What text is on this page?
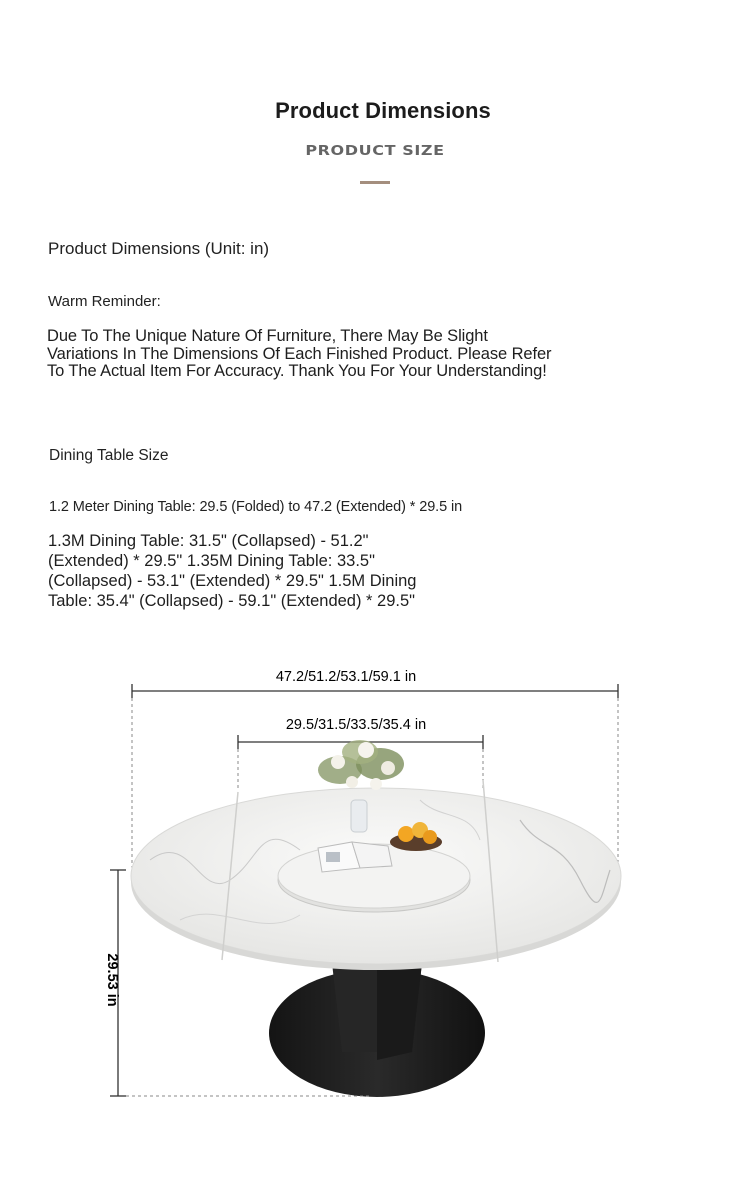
Product Dimensions
PRODUCT SIZE
Product Dimensions (Unit: in)
Warm Reminder:
Due To The Unique Nature Of Furniture, There May Be Slight
Variations In The Dimensions Of Each Finished Product. Please Refer
To The Actual Item For Accuracy. Thank You For Your Understanding!
Dining Table Size
1.2 Meter Dining Table: 29.5 (Folded) to 47.2 (Extended) * 29.5 in
1.3M Dining Table: 31.5" (Collapsed) - 51.2"
(Extended) * 29.5" 1.35M Dining Table: 33.5"
(Collapsed) - 53.1" (Extended) * 29.5" 1.5M Dining
Table: 35.4" (Collapsed) - 59.1" (Extended) * 29.5"
47.2/51.2/53.1/59.1 in
29.5/31.5/33.5/35.4 in
29.53 in
